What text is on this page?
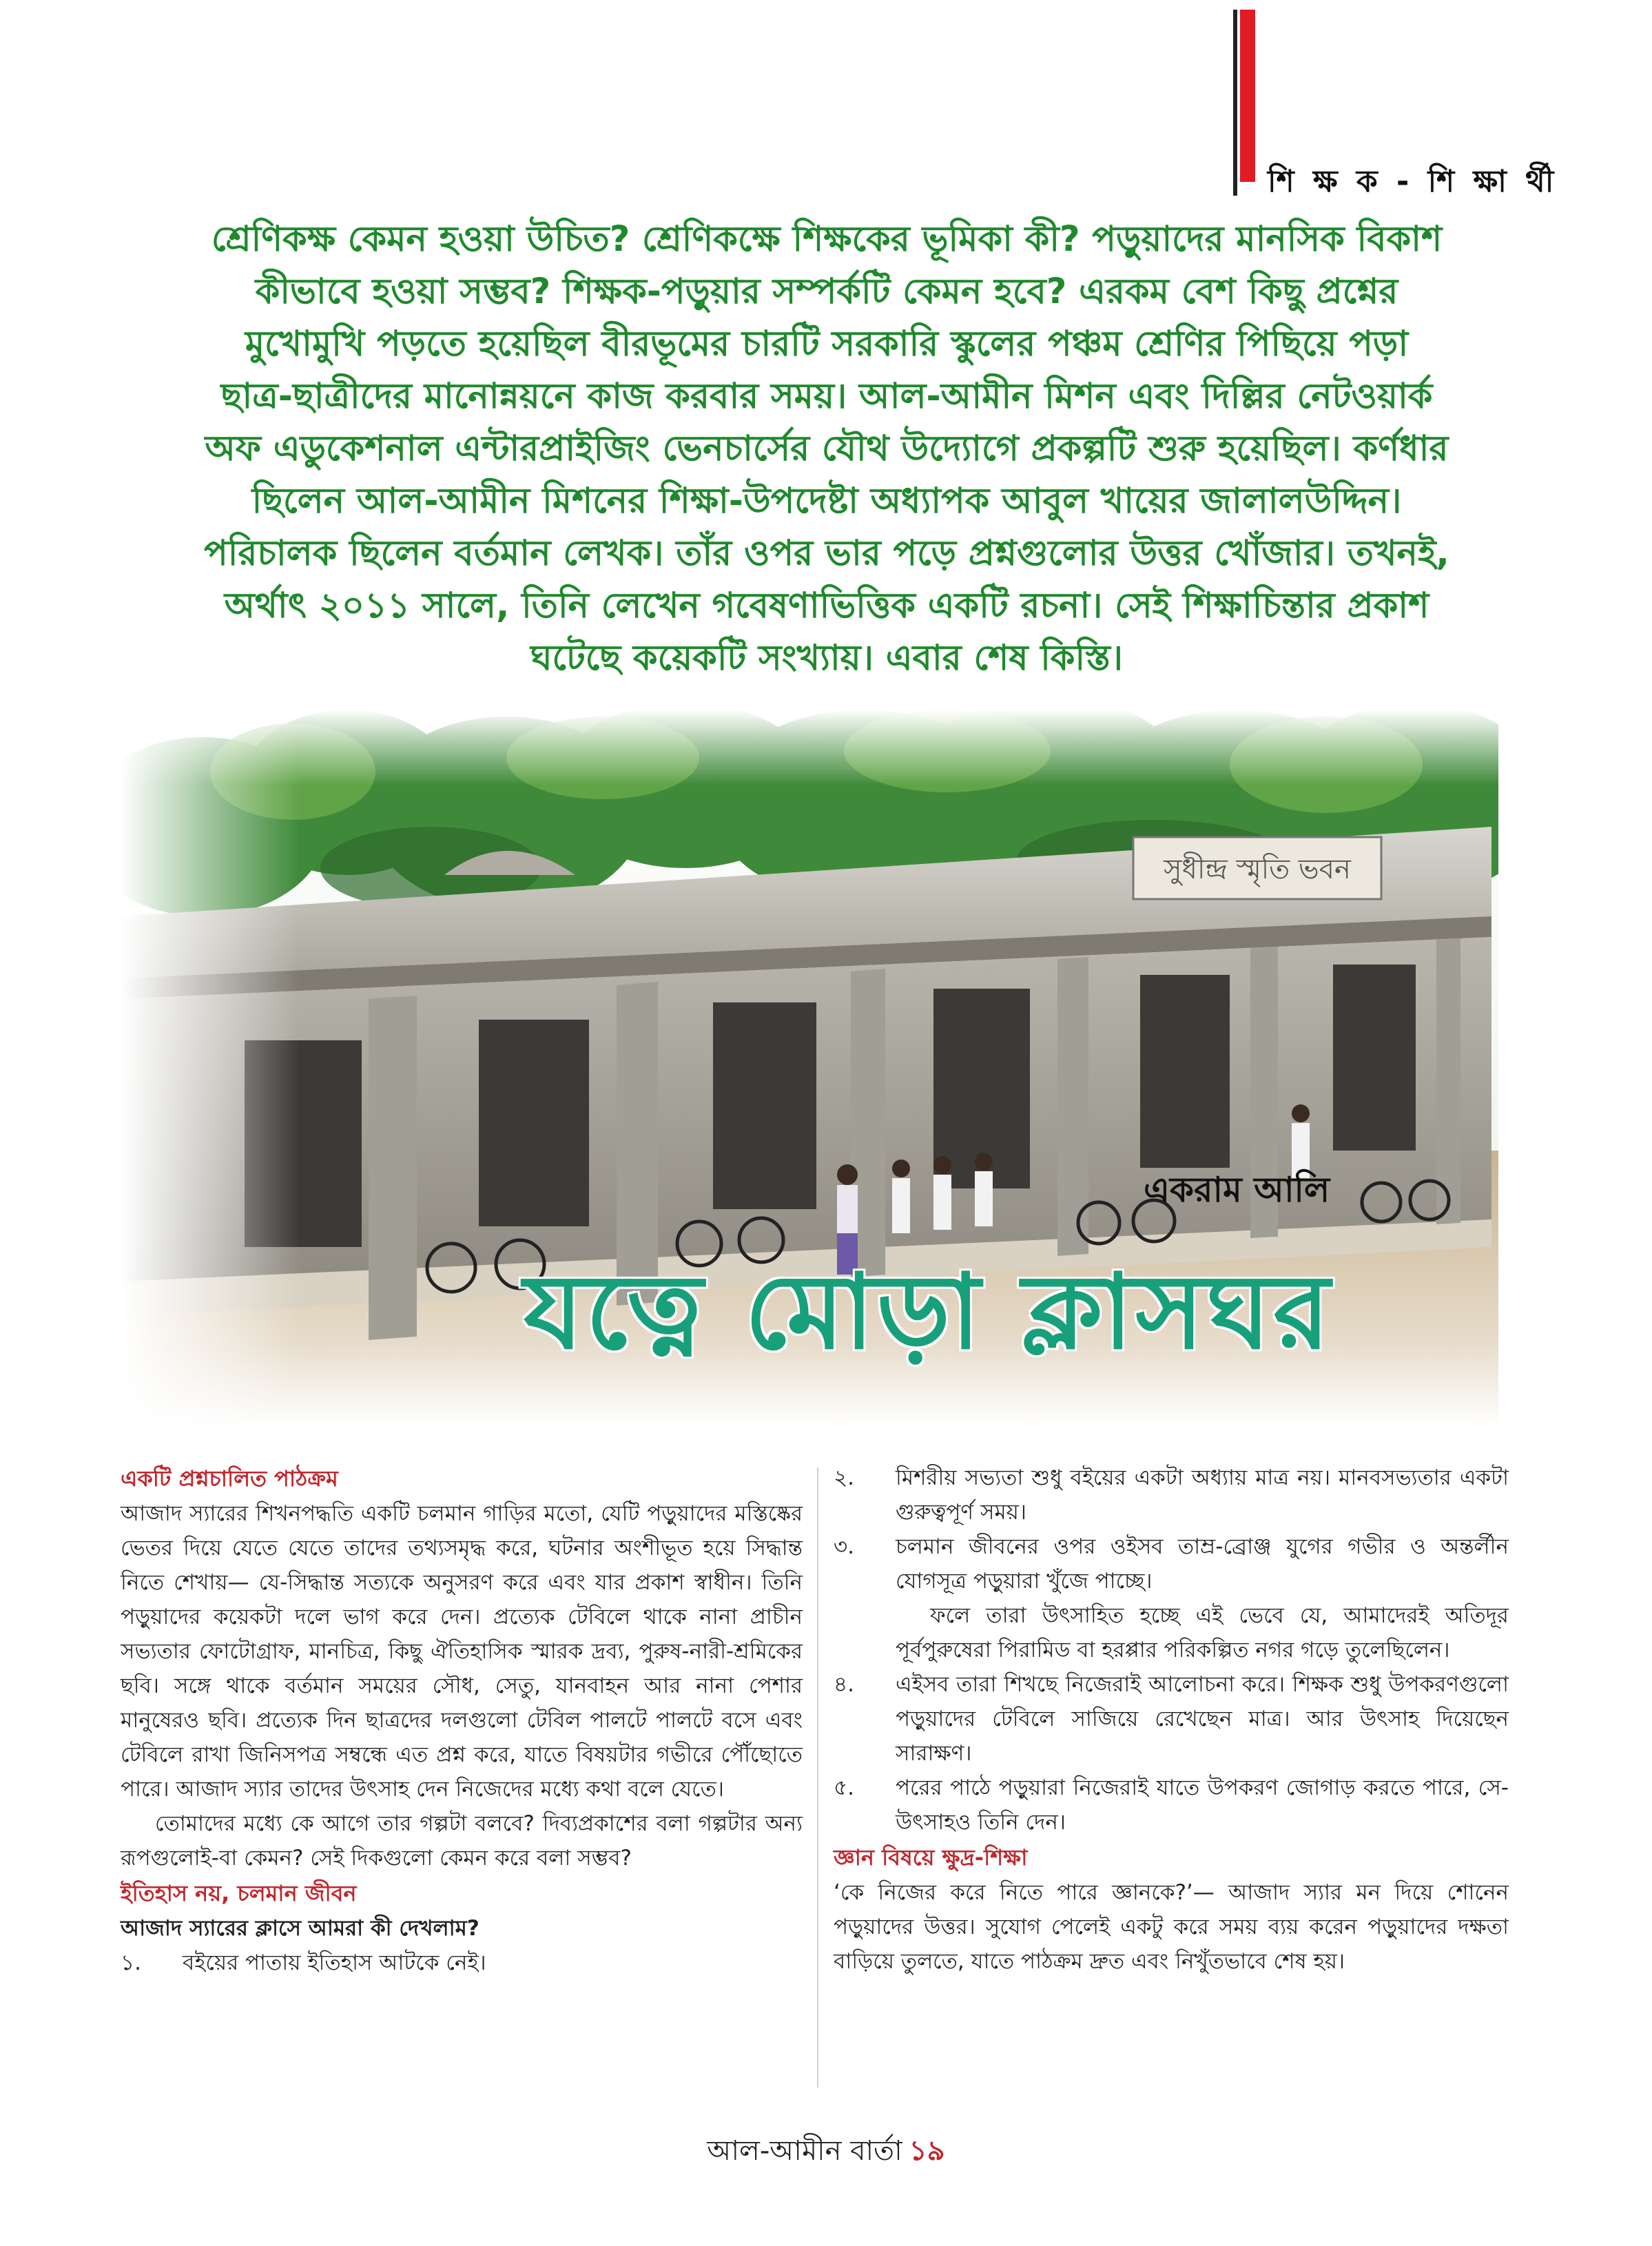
শি ক্ষ ক - শি ক্ষা র্থী
শ্রেণিকক্ষ কেমন হওয়া উচিত? শ্রেণিকক্ষে শিক্ষকের ভূমিকা কী? পড়ুয়াদের মানসিক বিকাশ
কীভাবে হওয়া সম্ভব? শিক্ষক-পড়ুয়ার সম্পর্কটি কেমন হবে? এরকম বেশ কিছু প্রশ্নের
মুখোমুখি পড়তে হয়েছিল বীরভূমের চারটি সরকারি স্কুলের পঞ্চম শ্রেণির পিছিয়ে পড়া
ছাত্র-ছাত্রীদের মানোন্নয়নে কাজ করবার সময়। আল-আমীন মিশন এবং দিল্লির নেটওয়ার্ক
অফ এডুকেশনাল এন্টারপ্রাইজিং ভেনচার্সের যৌথ উদ্যোগে প্রকল্পটি শুরু হয়েছিল। কর্ণধার
ছিলেন আল-আমীন মিশনের শিক্ষা-উপদেষ্টা অধ্যাপক আবুল খায়ের জালালউদ্দিন।
পরিচালক ছিলেন বর্তমান লেখক। তাঁর ওপর ভার পড়ে প্রশ্নগুলোর উত্তর খোঁজার। তখনই,
অর্থাৎ ২০১১ সালে, তিনি লেখেন গবেষণাভিত্তিক একটি রচনা। সেই শিক্ষাচিন্তার প্রকাশ
ঘটেছে কয়েকটি সংখ্যায়। এবার শেষ কিস্তি।
সুধীন্দ্র স্মৃতি ভবন
একরাম আলি
যত্নে মোড়া ক্লাসঘর
একটি প্রশ্নচালিত পাঠক্রম

আজাদ স্যারের শিখনপদ্ধতি একটি চলমান গাড়ির মতো, যেটি পড়ুয়াদের মস্তিষ্কের ভেতর দিয়ে যেতে যেতে তাদের তথ্যসমৃদ্ধ করে, ঘটনার অংশীভূত হয়ে সিদ্ধান্ত নিতে শেখায়— যে-সিদ্ধান্ত সত্যকে অনুসরণ করে এবং যার প্রকাশ স্বাধীন। তিনি পড়ুয়াদের কয়েকটা দলে ভাগ করে দেন। প্রত্যেক টেবিলে থাকে নানা প্রাচীন সভ্যতার ফোটোগ্রাফ, মানচিত্র, কিছু ঐতিহাসিক স্মারক দ্রব্য, পুরুষ-নারী-শ্রমিকের ছবি। সঙ্গে থাকে বর্তমান সময়ের সৌধ, সেতু, যানবাহন আর নানা পেশার মানুষেরও ছবি। প্রত্যেক দিন ছাত্রদের দলগুলো টেবিল পালটে পালটে বসে এবং টেবিলে রাখা জিনিসপত্র সম্বন্ধে এত প্রশ্ন করে, যাতে বিষয়টার গভীরে পৌঁছোতে পারে। আজাদ স্যার তাদের উৎসাহ দেন নিজেদের মধ্যে কথা বলে যেতে।

তোমাদের মধ্যে কে আগে তার গল্পটা বলবে? দিব্যপ্রকাশের বলা গল্পটার অন্য রূপগুলোই-বা কেমন? সেই দিকগুলো কেমন করে বলা সম্ভব?

ইতিহাস নয়, চলমান জীবন
আজাদ স্যারের ক্লাসে আমরা কী দেখলাম?
১.	বইয়ের পাতায় ইতিহাস আটকে নেই।
২.	মিশরীয় সভ্যতা শুধু বইয়ের একটা অধ্যায় মাত্র নয়। মানবসভ্যতার একটা গুরুত্বপূর্ণ সময়।
৩.	চলমান জীবনের ওপর ওইসব তাম্র-ব্রোঞ্জ যুগের গভীর ও অন্তর্লীন যোগসূত্র পড়ুয়ারা খুঁজে পাচ্ছে।

ফলে তারা উৎসাহিত হচ্ছে এই ভেবে যে, আমাদেরই অতিদূর পূর্বপুরুষেরা পিরামিড বা হরপ্পার পরিকল্পিত নগর গড়ে তুলেছিলেন।

৪.	এইসব তারা শিখছে নিজেরাই আলোচনা করে। শিক্ষক শুধু উপকরণগুলো পড়ুয়াদের টেবিলে সাজিয়ে রেখেছেন মাত্র। আর উৎসাহ দিয়েছেন সারাক্ষণ।
৫.	পরের পাঠে পড়ুয়ারা নিজেরাই যাতে উপকরণ জোগাড় করতে পারে, সে-উৎসাহও তিনি দেন।
জ্ঞান বিষয়ে ক্ষুদ্র-শিক্ষা

‘কে নিজের করে নিতে পারে জ্ঞানকে?’— আজাদ স্যার মন দিয়ে শোনেন পড়ুয়াদের উত্তর। সুযোগ পেলেই একটু করে সময় ব্যয় করেন পড়ুয়াদের দক্ষতা বাড়িয়ে তুলতে, যাতে পাঠক্রম দ্রুত এবং নিখুঁতভাবে শেষ হয়।

আল-আমীন বার্তা ১৯
